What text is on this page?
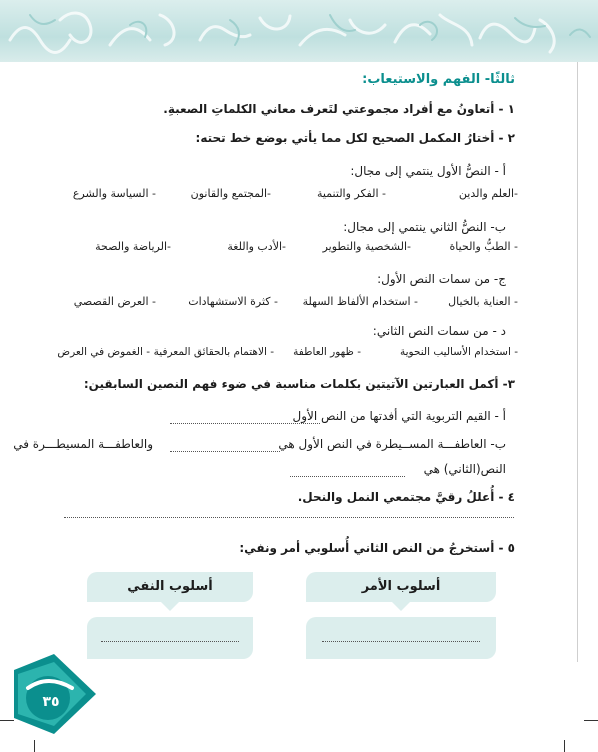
ثالثًا- الفهم والاستيعاب:
١ - أتعاونُ مع أفراد مجموعتي لتَعرف معاني الكلماتِ الصعبةِ.
٢ - أختارُ المكمل الصحيح لكل مما يأتي بوضع خط تحته:
أ - النصُّ الأول ينتمي إلى مجال:
-العلم والدين
- الفكر والتنمية
-المجتمع والقانون
- السياسة والشرع
ب- النصُّ الثاني ينتمي إلى مجال:
- الطبُّ والحياة
-الشخصية والتطوير
-الأدب واللغة
-الرياضة والصحة
ج- من سمات النص الأول:
- العناية بالخيال
- استخدام الألفاظ السهلة
- كثرة الاستشهادات
- العرض القصصي
د - من سمات النص الثاني:
- استخدام الأساليب النحوية
- ظهور العاطفة
- الاهتمام بالحقائق المعرفية
- الغموض في العرض
٣- أكمل العبارتين الآتيتين بكلمات مناسبة في ضوء فهم النصين السابقين:
أ - القيم التربوية التي أفدتها من النص الأول
ب- العاطفـــة المســيطرة في النص الأول هي
والعاطفـــة المسيطـــرة في
النص(الثاني) هي
٤ - أُعللُ رقيَّ مجتمعي النمل والنحل.
٥ - أستخرجُ من النص الثاني أُسلوبي أمر ونفي:
أسلوب الأمر
أسلوب النفي
٣٥
